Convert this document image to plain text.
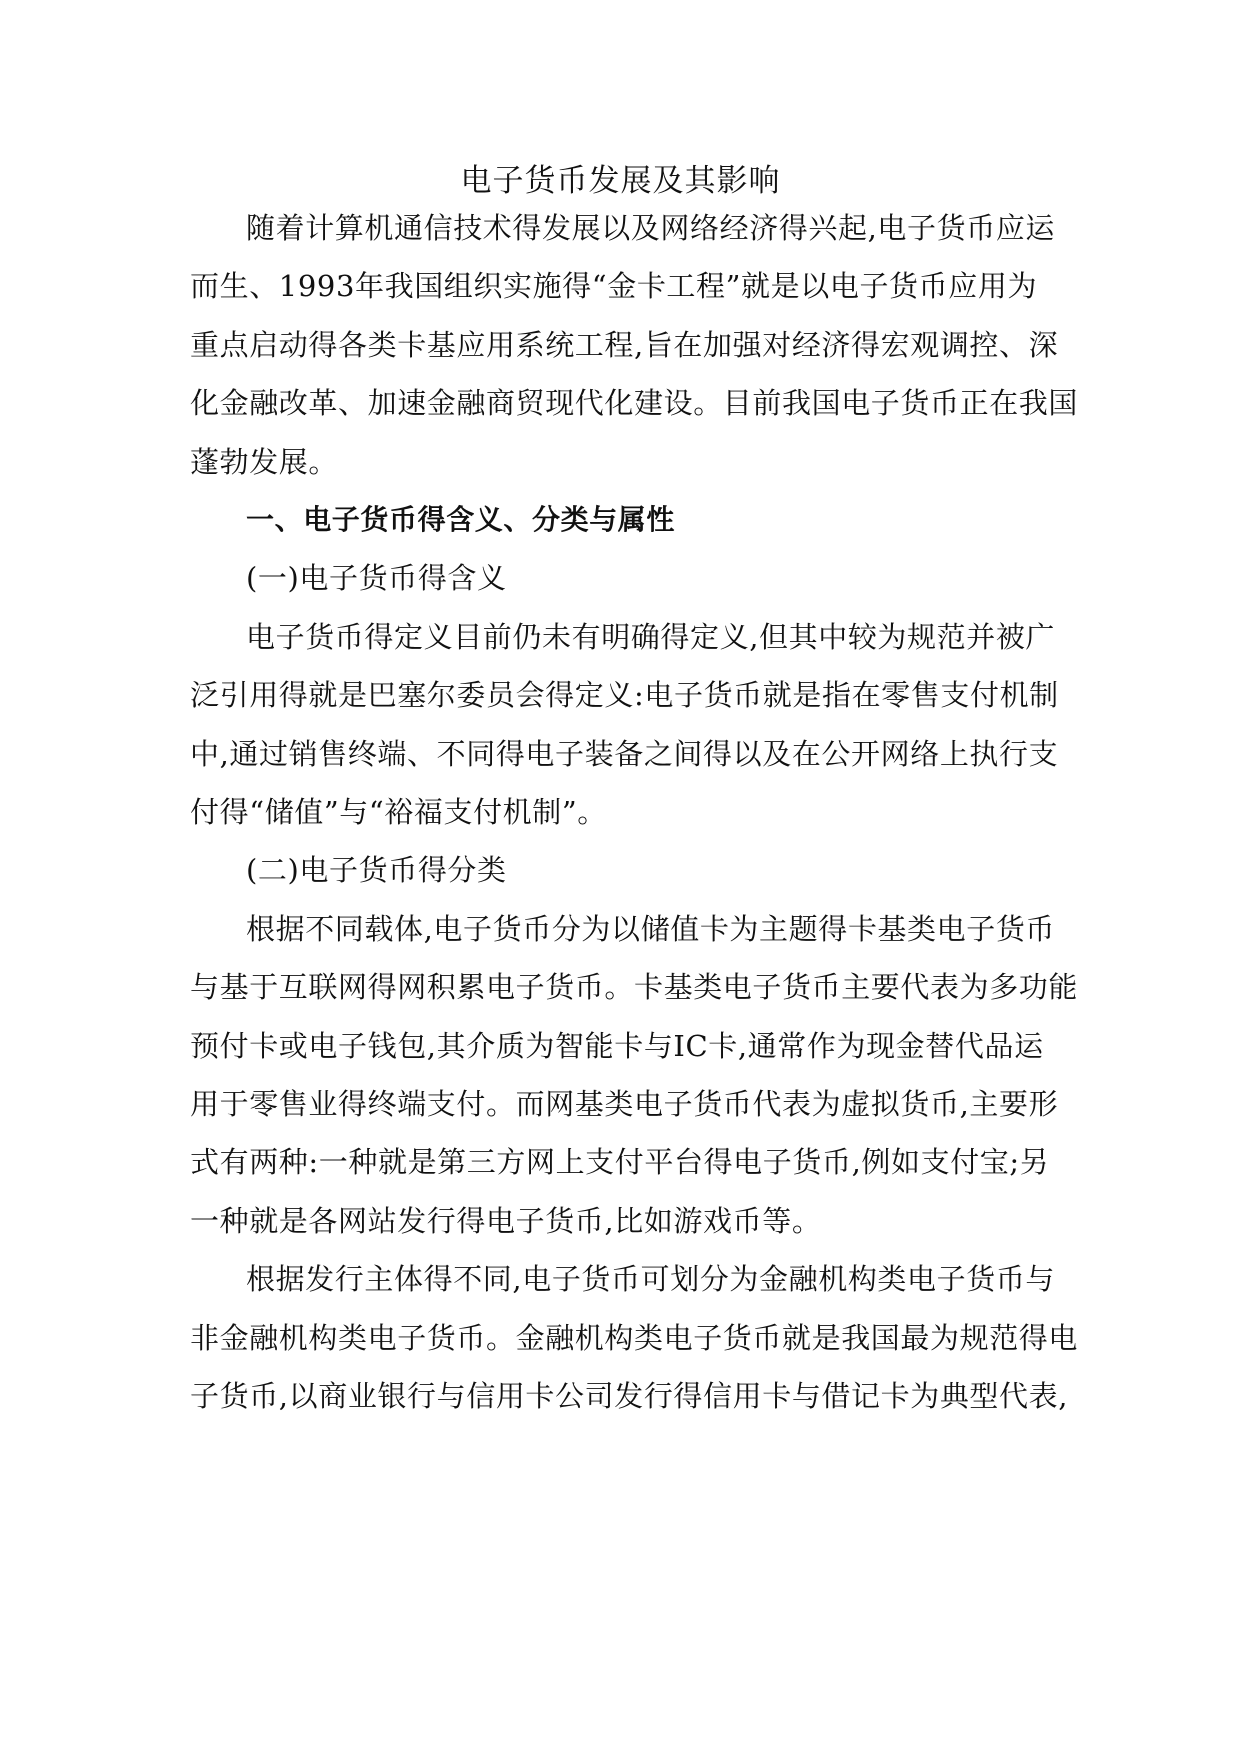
电子货币发展及其影响
随着计算机通信技术得发展以及网络经济得兴起,电子货币应运
而生、1993年我国组织实施得“金卡工程”就是以电子货币应用为
重点启动得各类卡基应用系统工程,旨在加强对经济得宏观调控、深
化金融改革、加速金融商贸现代化建设。目前我国电子货币正在我国
蓬勃发展。
一、电子货币得含义、分类与属性
(一)电子货币得含义
电子货币得定义目前仍未有明确得定义,但其中较为规范并被广
泛引用得就是巴塞尔委员会得定义:电子货币就是指在零售支付机制
中,通过销售终端、不同得电子装备之间得以及在公开网络上执行支
付得“储值”与“裕福支付机制”。
(二)电子货币得分类
根据不同载体,电子货币分为以储值卡为主题得卡基类电子货币
与基于互联网得网积累电子货币。卡基类电子货币主要代表为多功能
预付卡或电子钱包,其介质为智能卡与IC卡,通常作为现金替代品运
用于零售业得终端支付。而网基类电子货币代表为虚拟货币,主要形
式有两种:一种就是第三方网上支付平台得电子货币,例如支付宝;另
一种就是各网站发行得电子货币,比如游戏币等。
根据发行主体得不同,电子货币可划分为金融机构类电子货币与
非金融机构类电子货币。金融机构类电子货币就是我国最为规范得电
子货币,以商业银行与信用卡公司发行得信用卡与借记卡为典型代表,
